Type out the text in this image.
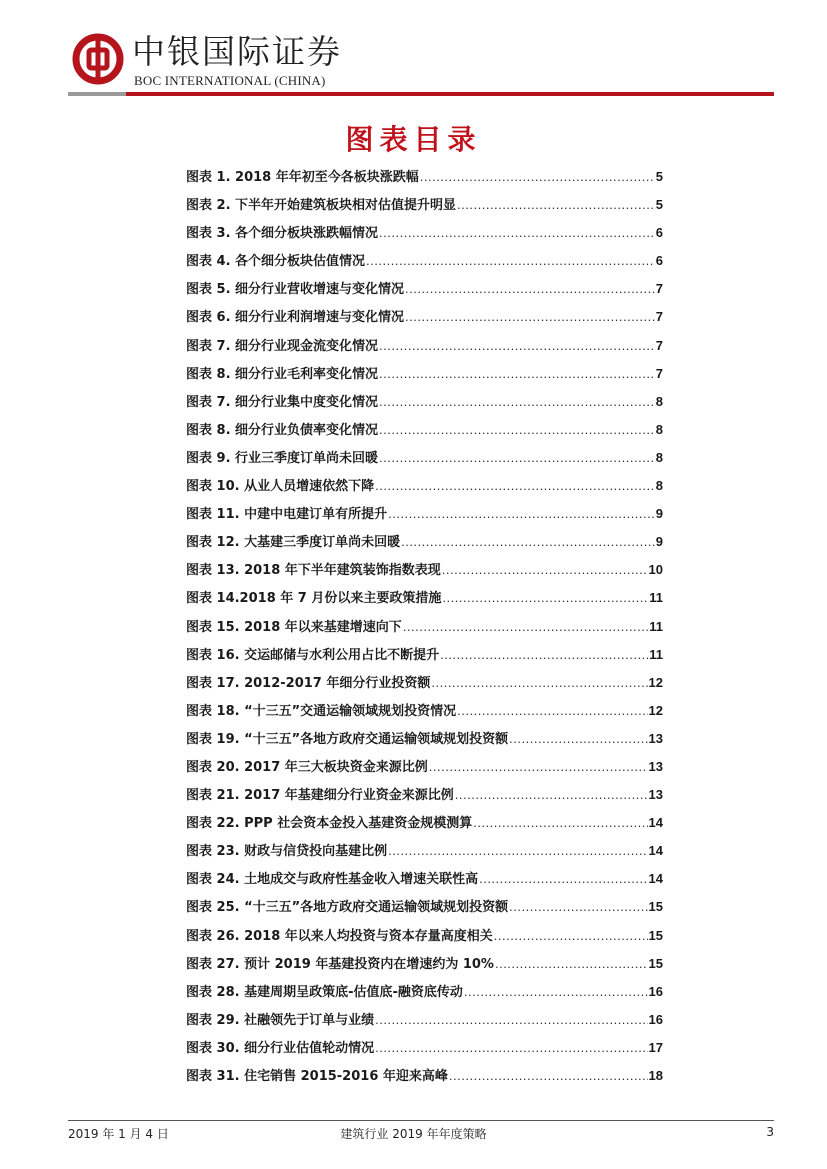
中银国际证券
BOC INTERNATIONAL (CHINA)
图表目录
图表 1. 2018 年年初至今各板块涨跌幅 .....	5
图表 2. 下半年开始建筑板块相对估值提升明显 .....	5
图表 3. 各个细分板块涨跌幅情况 .....	6
图表 4. 各个细分板块估值情况 .....	6
图表 5. 细分行业营收增速与变化情况 .....	7
图表 6. 细分行业利润增速与变化情况 .....	7
图表 7. 细分行业现金流变化情况 .....	7
图表 8. 细分行业毛利率变化情况 .....	7
图表 7. 细分行业集中度变化情况 .....	8
图表 8. 细分行业负债率变化情况 .....	8
图表 9. 行业三季度订单尚未回暖 .....	8
图表 10. 从业人员增速依然下降 .....	8
图表 11. 中建中电建订单有所提升 .....	9
图表 12. 大基建三季度订单尚未回暖 .....	9
图表 13. 2018 年下半年建筑装饰指数表现 .....	10
图表 14.2018 年 7 月份以来主要政策措施 .....	11
图表 15. 2018 年以来基建增速向下 .....	11
图表 16. 交运邮储与水利公用占比不断提升 .....	11
图表 17. 2012-2017 年细分行业投资额 .....	12
图表 18. “十三五”交通运输领域规划投资情况 .....	12
图表 19. “十三五”各地方政府交通运输领域规划投资额 .....	13
图表 20. 2017 年三大板块资金来源比例 .....	13
图表 21. 2017 年基建细分行业资金来源比例 .....	13
图表 22. PPP 社会资本金投入基建资金规模测算 .....	14
图表 23. 财政与信贷投向基建比例 .....	14
图表 24. 土地成交与政府性基金收入增速关联性高 .....	14
图表 25. “十三五”各地方政府交通运输领域规划投资额 .....	15
图表 26. 2018 年以来人均投资与资本存量高度相关 .....	15
图表 27. 预计 2019 年基建投资内在增速约为 10% .....	15
图表 28. 基建周期呈政策底-估值底-融资底传动 .....	16
图表 29. 社融领先于订单与业绩 .....	16
图表 30. 细分行业估值轮动情况 .....	17
图表 31. 住宅销售 2015-2016 年迎来高峰 .....	18
2019 年 1 月 4 日	建筑行业 2019 年年度策略	3
